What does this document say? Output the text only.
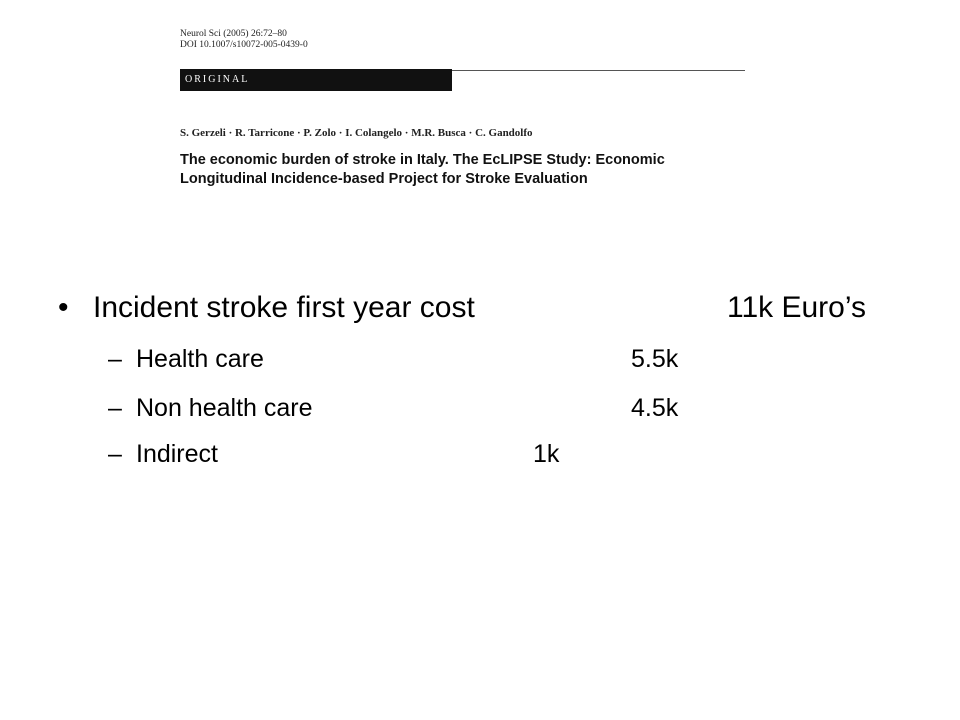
Neurol Sci (2005) 26:72–80
DOI 10.1007/s10072-005-0439-0
ORIGINAL
S. Gerzeli · R. Tarricone · P. Zolo · I. Colangelo · M.R. Busca · C. Gandolfo
The economic burden of stroke in Italy. The EcLIPSE Study: Economic Longitudinal Incidence-based Project for Stroke Evaluation
• Incident stroke first year cost	11k Euro’s
– Health care	5.5k
– Non health care	4.5k
– Indirect	1k
